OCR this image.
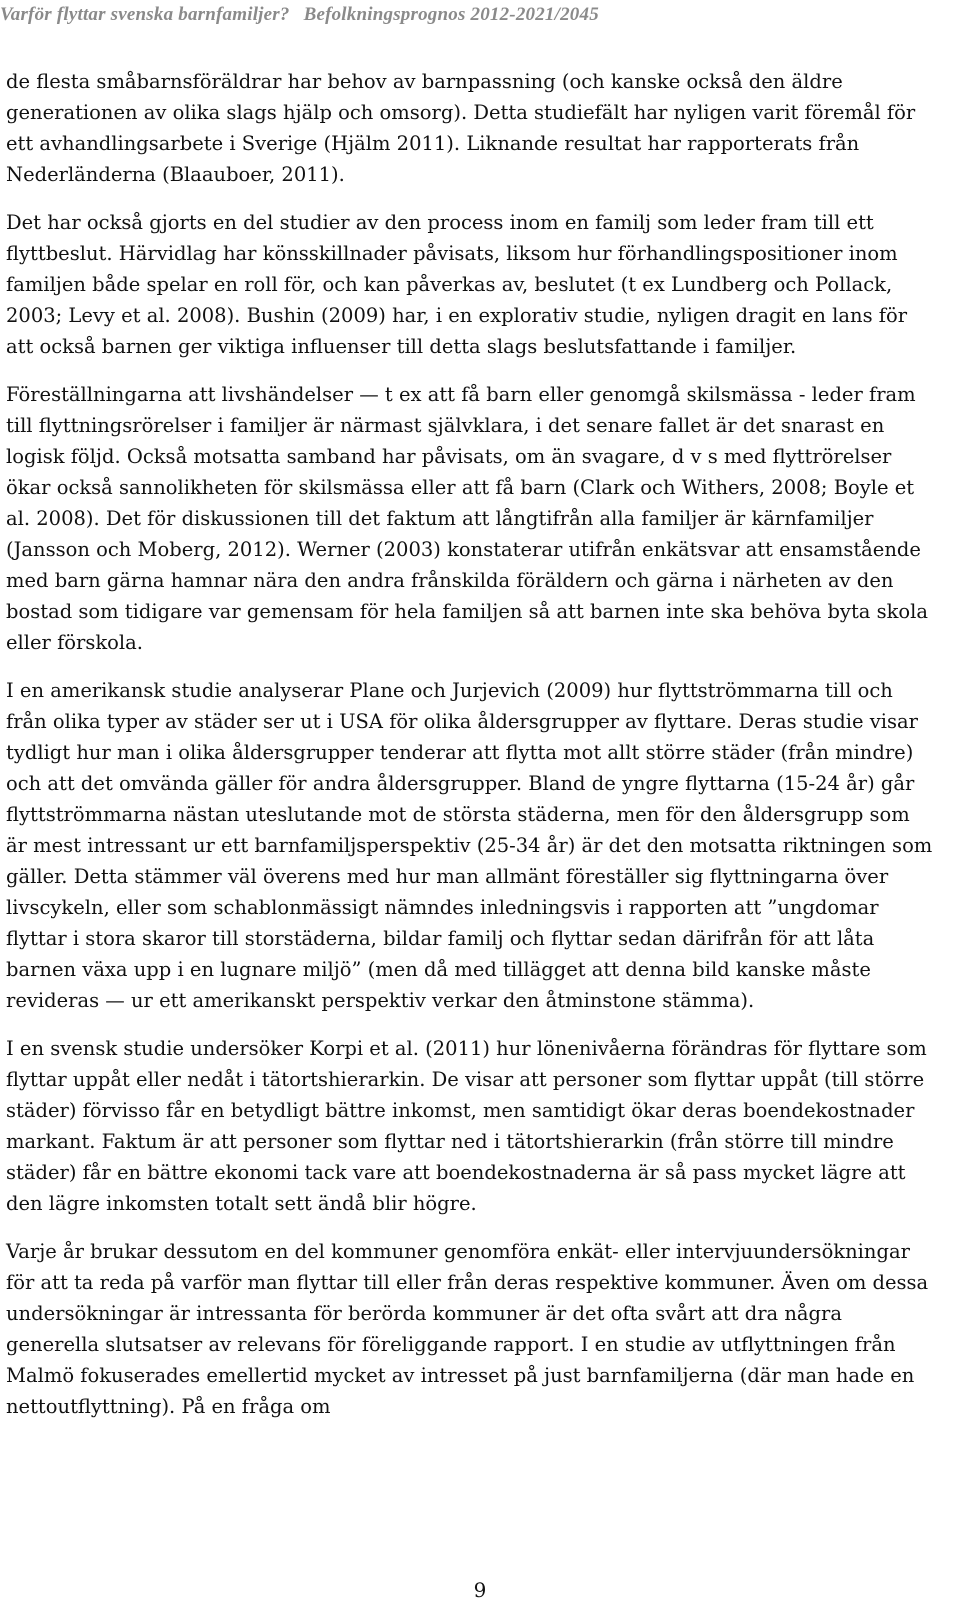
Varför flyttar svenska barnfamiljer? Befolkningsprognos 2012-2021/2045

de flesta småbarnsföräldrar har behov av barnpassning (och kanske också den äldre generationen av olika slags hjälp och omsorg). Detta studiefält har nyligen varit föremål för ett avhandlingsarbete i Sverige (Hjälm 2011). Liknande resultat har rapporterats från Nederländerna (Blaauboer, 2011).

Det har också gjorts en del studier av den process inom en familj som leder fram till ett flyttbeslut. Härvidlag har könsskillnader påvisats, liksom hur förhandlingspositioner inom familjen både spelar en roll för, och kan påverkas av, beslutet (t ex Lundberg och Pollack, 2003; Levy et al. 2008). Bushin (2009) har, i en explorativ studie, nyligen dragit en lans för att också barnen ger viktiga influenser till detta slags beslutsfattande i familjer.

Föreställningarna att livshändelser — t ex att få barn eller genomgå skilsmässa - leder fram till flyttningsrörelser i familjer är närmast självklara, i det senare fallet är det snarast en logisk följd. Också motsatta samband har påvisats, om än svagare, d v s med flyttrörelser ökar också sannolikheten för skilsmässa eller att få barn (Clark och Withers, 2008; Boyle et al. 2008). Det för diskussionen till det faktum att långtifrån alla familjer är kärnfamiljer (Jansson och Moberg, 2012). Werner (2003) konstaterar utifrån enkätsvar att ensamstående med barn gärna hamnar nära den andra frånskilda föräldern och gärna i närheten av den bostad som tidigare var gemensam för hela familjen så att barnen inte ska behöva byta skola eller förskola.

I en amerikansk studie analyserar Plane och Jurjevich (2009) hur flyttströmmarna till och från olika typer av städer ser ut i USA för olika åldersgrupper av flyttare. Deras studie visar tydligt hur man i olika åldersgrupper tenderar att flytta mot allt större städer (från mindre) och att det omvända gäller för andra åldersgrupper. Bland de yngre flyttarna (15-24 år) går flyttströmmarna nästan uteslutande mot de största städerna, men för den åldersgrupp som är mest intressant ur ett barnfamiljsperspektiv (25-34 år) är det den motsatta riktningen som gäller. Detta stämmer väl överens med hur man allmänt föreställer sig flyttningarna över livscykeln, eller som schablonmässigt nämndes inledningsvis i rapporten att ”ungdomar flyttar i stora skaror till storstäderna, bildar familj och flyttar sedan därifrån för att låta barnen växa upp i en lugnare miljö” (men då med tillägget att denna bild kanske måste revideras — ur ett amerikanskt perspektiv verkar den åtminstone stämma).

I en svensk studie undersöker Korpi et al. (2011) hur lönenivåerna förändras för flyttare som flyttar uppåt eller nedåt i tätortshierarkin. De visar att personer som flyttar uppåt (till större städer) förvisso får en betydligt bättre inkomst, men samtidigt ökar deras boendekostnader markant. Faktum är att personer som flyttar ned i tätortshierarkin (från större till mindre städer) får en bättre ekonomi tack vare att boendekostnaderna är så pass mycket lägre att den lägre inkomsten totalt sett ändå blir högre.

Varje år brukar dessutom en del kommuner genomföra enkät- eller intervjuundersökningar för att ta reda på varför man flyttar till eller från deras respektive kommuner. Även om dessa undersökningar är intressanta för berörda kommuner är det ofta svårt att dra några generella slutsatser av relevans för föreliggande rapport. I en studie av utflyttningen från Malmö fokuserades emellertid mycket av intresset på just barnfamiljerna (där man hade en nettoutflyttning). På en fråga om

9
